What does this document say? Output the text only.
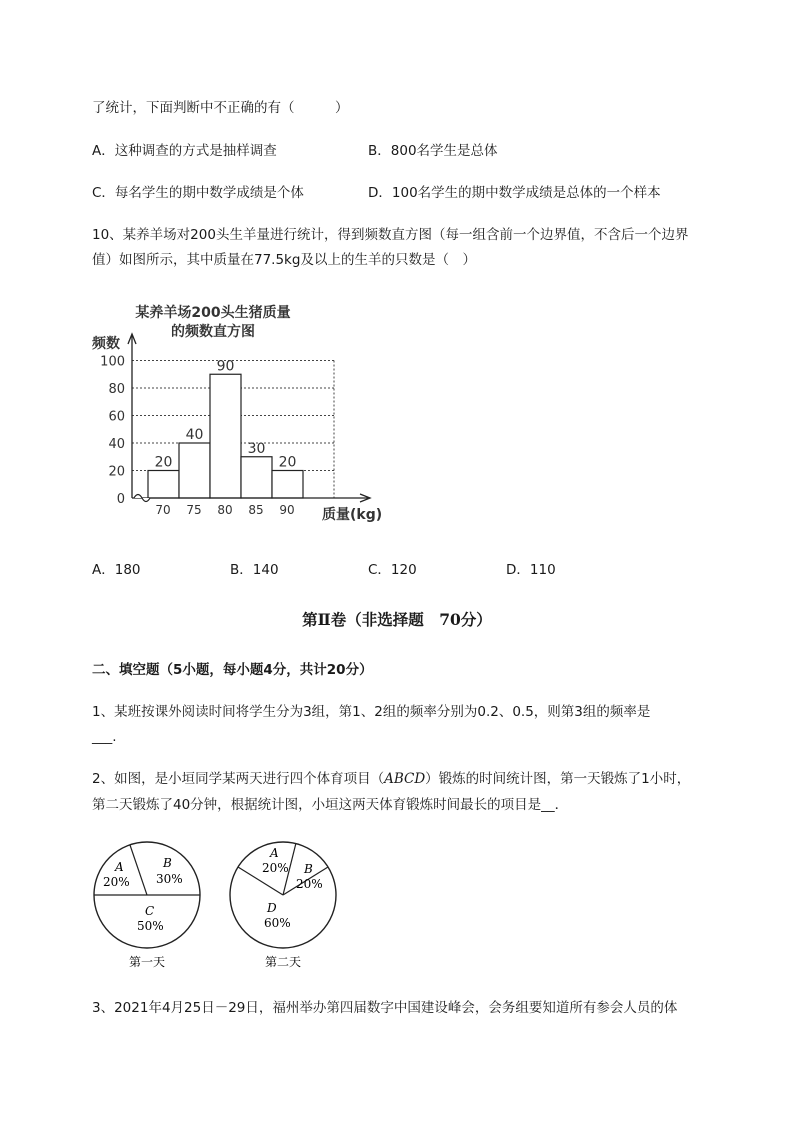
了统计，下面判断中不正确的有（　　　）
A．这种调查的方式是抽样调查	B．800名学生是总体
C．每名学生的期中数学成绩是个体	D．100名学生的期中数学成绩是总体的一个样本
10、某养羊场对200头生羊量进行统计，得到频数直方图（每一组含前一个边界值，不含后一个边界
值）如图所示，其中质量在77.5kg及以上的生羊的只数是（　）
某养羊场200头生猪质量
的频数直方图
频数
质量(kg)
20
40
90
30
20
0
20
40
60
80
100
70 75 80 85 90
A．180	B．140	C．120	D．110
第Ⅱ卷（非选择题　70分）
二、填空题（5小题，每小题4分，共计20分）
1、某班按课外阅读时间将学生分为3组，第1、2组的频率分别为0.2、0.5，则第3组的频率是
___.
2、如图，是小垣同学某两天进行四个体育项目（ABCD）锻炼的时间统计图，第一天锻炼了1小时，
第二天锻炼了40分钟，根据统计图，小垣这两天体育锻炼时间最长的项目是__．
A
20%
B
30%
C
50%
第一天
A
20% B
20%
D
60%
第二天
3、2021年4月25日－29日，福州举办第四届数字中国建设峰会，会务组要知道所有参会人员的体
